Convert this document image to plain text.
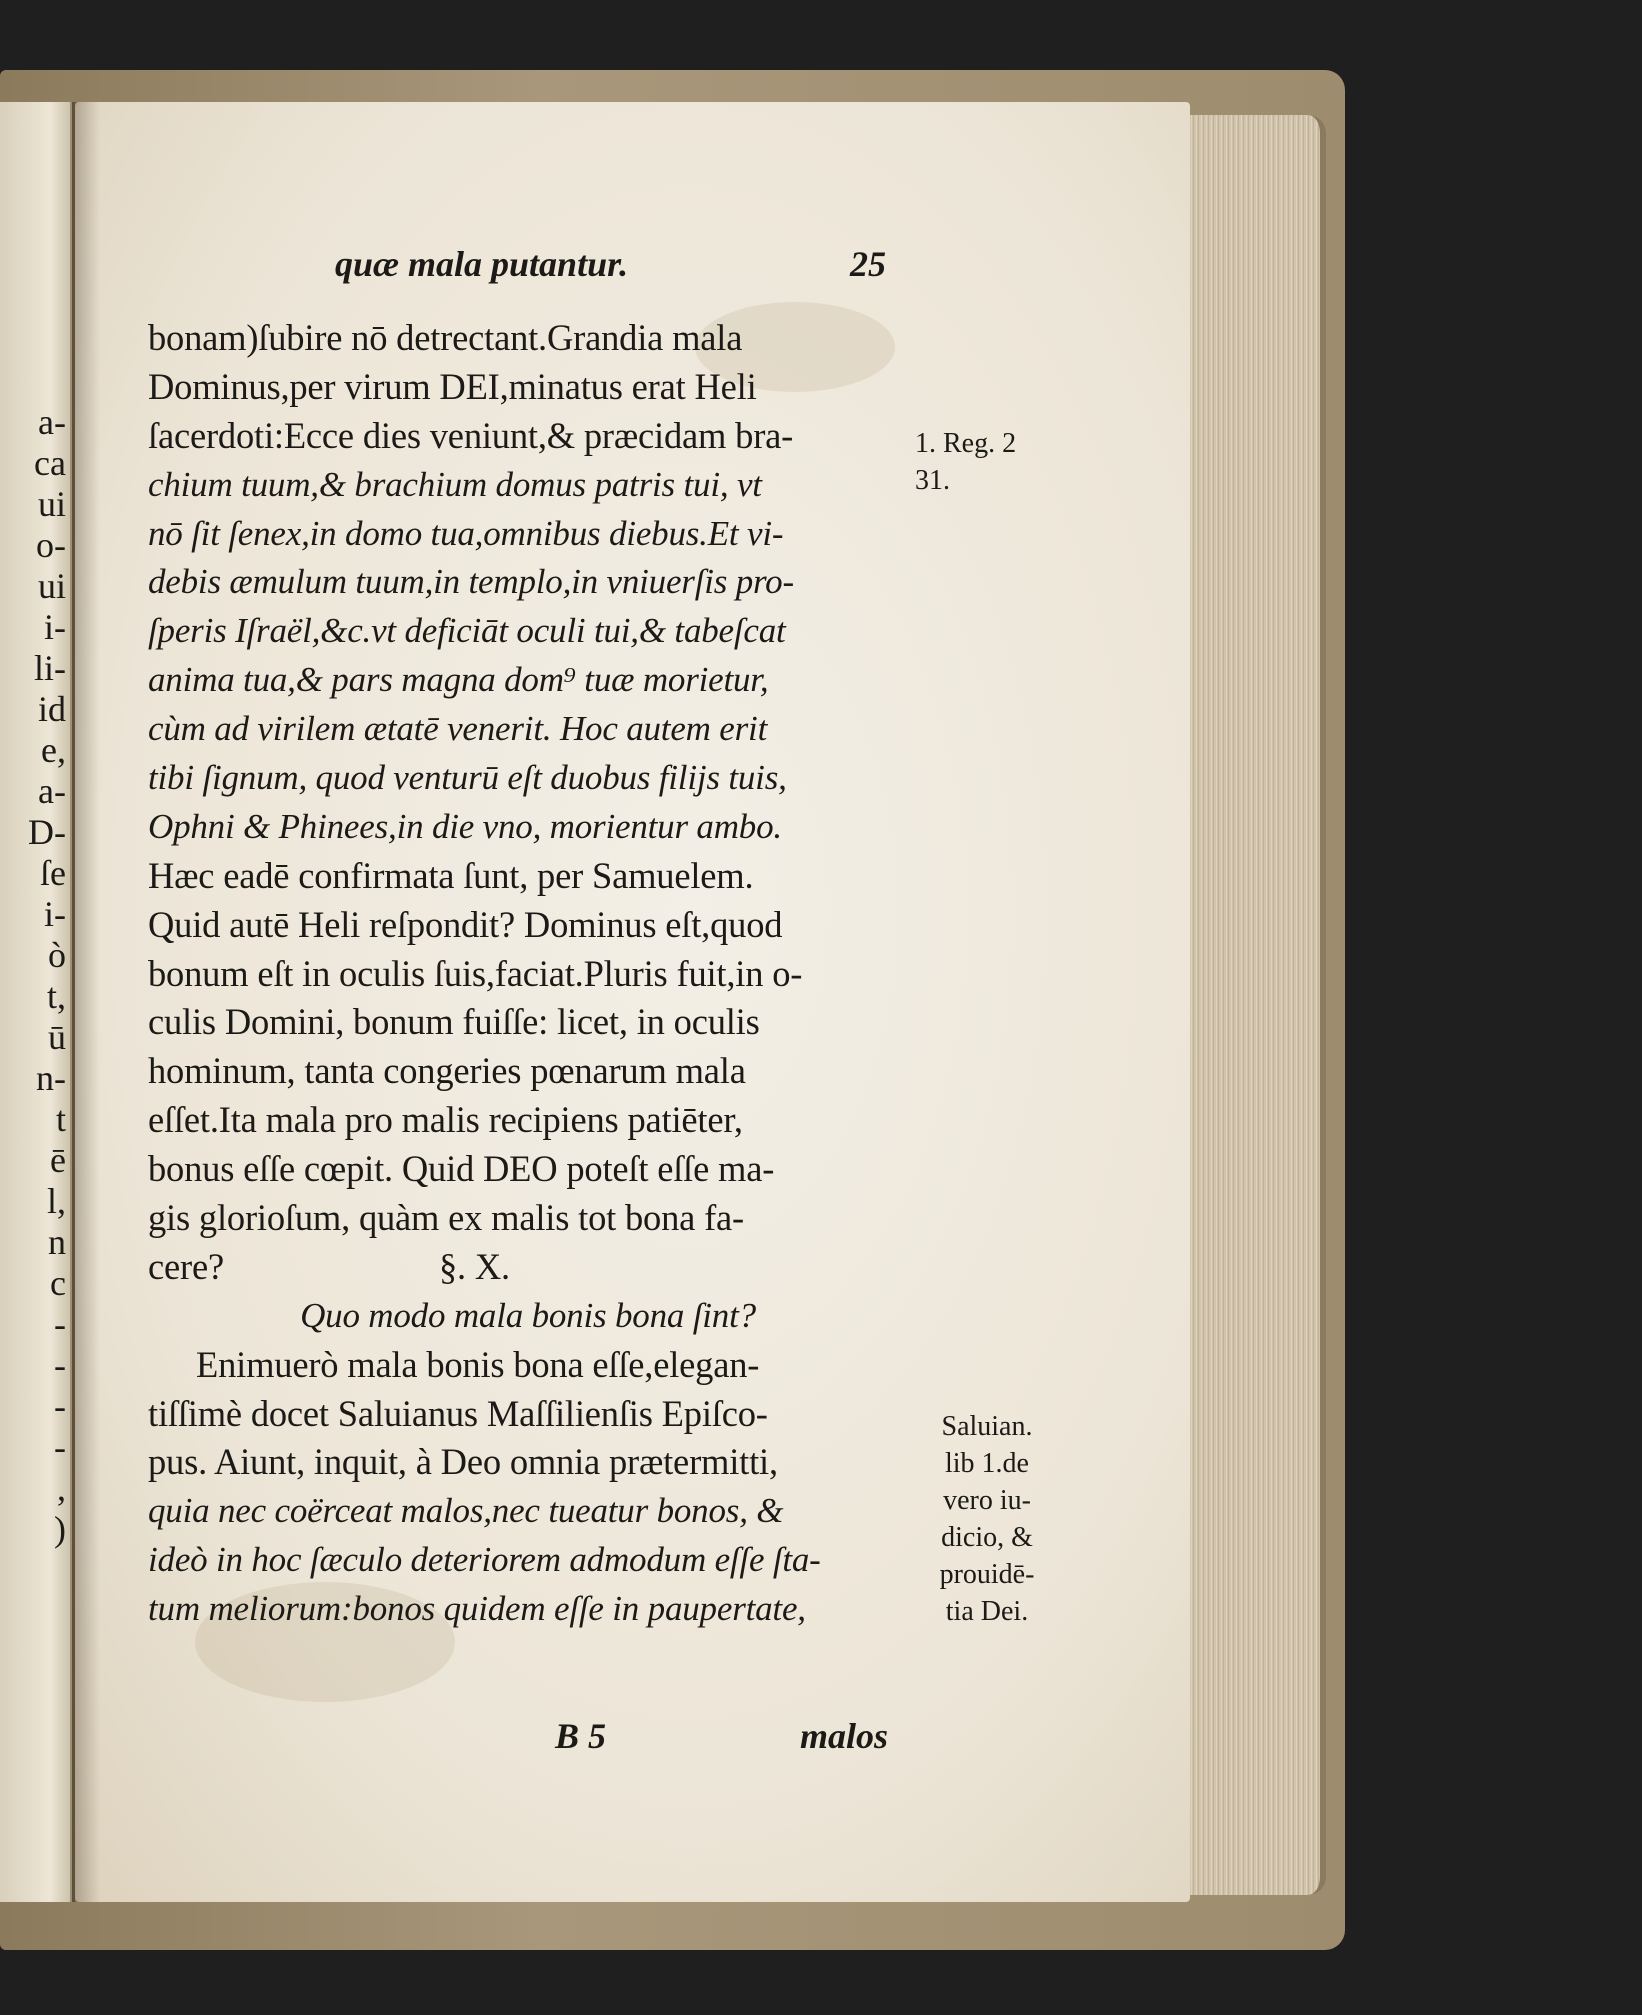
a-
ca
ui
o-
ui
i-
li-
id
e,
a-
D-
ſe
i-
ò
t,
ū
n-
t
ē
l,
n
c
-
-
-
-
,
)
quæ mala putantur.	25
bonam)ſubire nō detrectant.Grandia mala
Dominus,per virum DEI,minatus erat Heli
ſacerdoti:Ecce dies veniunt,& præcidam bra-
chium tuum,& brachium domus patris tui, vt
nō ſit ſenex,in domo tua,omnibus diebus.Et vi-
debis æmulum tuum,in templo,in vniuerſis pro-
ſperis Iſraël,&c.vt deficiāt oculi tui,& tabeſcat
anima tua,& pars magna dom⁹ tuæ morietur,
cùm ad virilem ætatē venerit. Hoc autem erit
tibi ſignum, quod venturū eſt duobus filijs tuis,
Ophni & Phinees,in die vno, morientur ambo.
Hæc eadē confirmata ſunt, per Samuelem.
Quid autē Heli reſpondit? Dominus eſt,quod
bonum eſt in oculis ſuis,faciat.Pluris fuit,in o-
culis Domini, bonum fuiſſe: licet, in oculis
hominum, tanta congeries pœnarum mala
eſſet.Ita mala pro malis recipiens patiēter,
bonus eſſe cœpit. Quid DEO poteſt eſſe ma-
gis glorioſum, quàm ex malis tot bona fa-
cere?	§. X.
Quo modo mala bonis bona ſint?
Enimuerò mala bonis bona eſſe,elegan-
tiſſimè docet Saluianus Maſſilienſis Epiſco-
pus. Aiunt, inquit, à Deo omnia prætermitti,
quia nec coërceat malos,nec tueatur bonos, &
ideò in hoc ſæculo deteriorem admodum eſſe ſta-
tum meliorum:bonos quidem eſſe in paupertate,
1. Reg. 2
31.
Saluian.
lib 1.de
vero iu-
dicio, &
prouidē-
tia Dei.
B 5	malos
